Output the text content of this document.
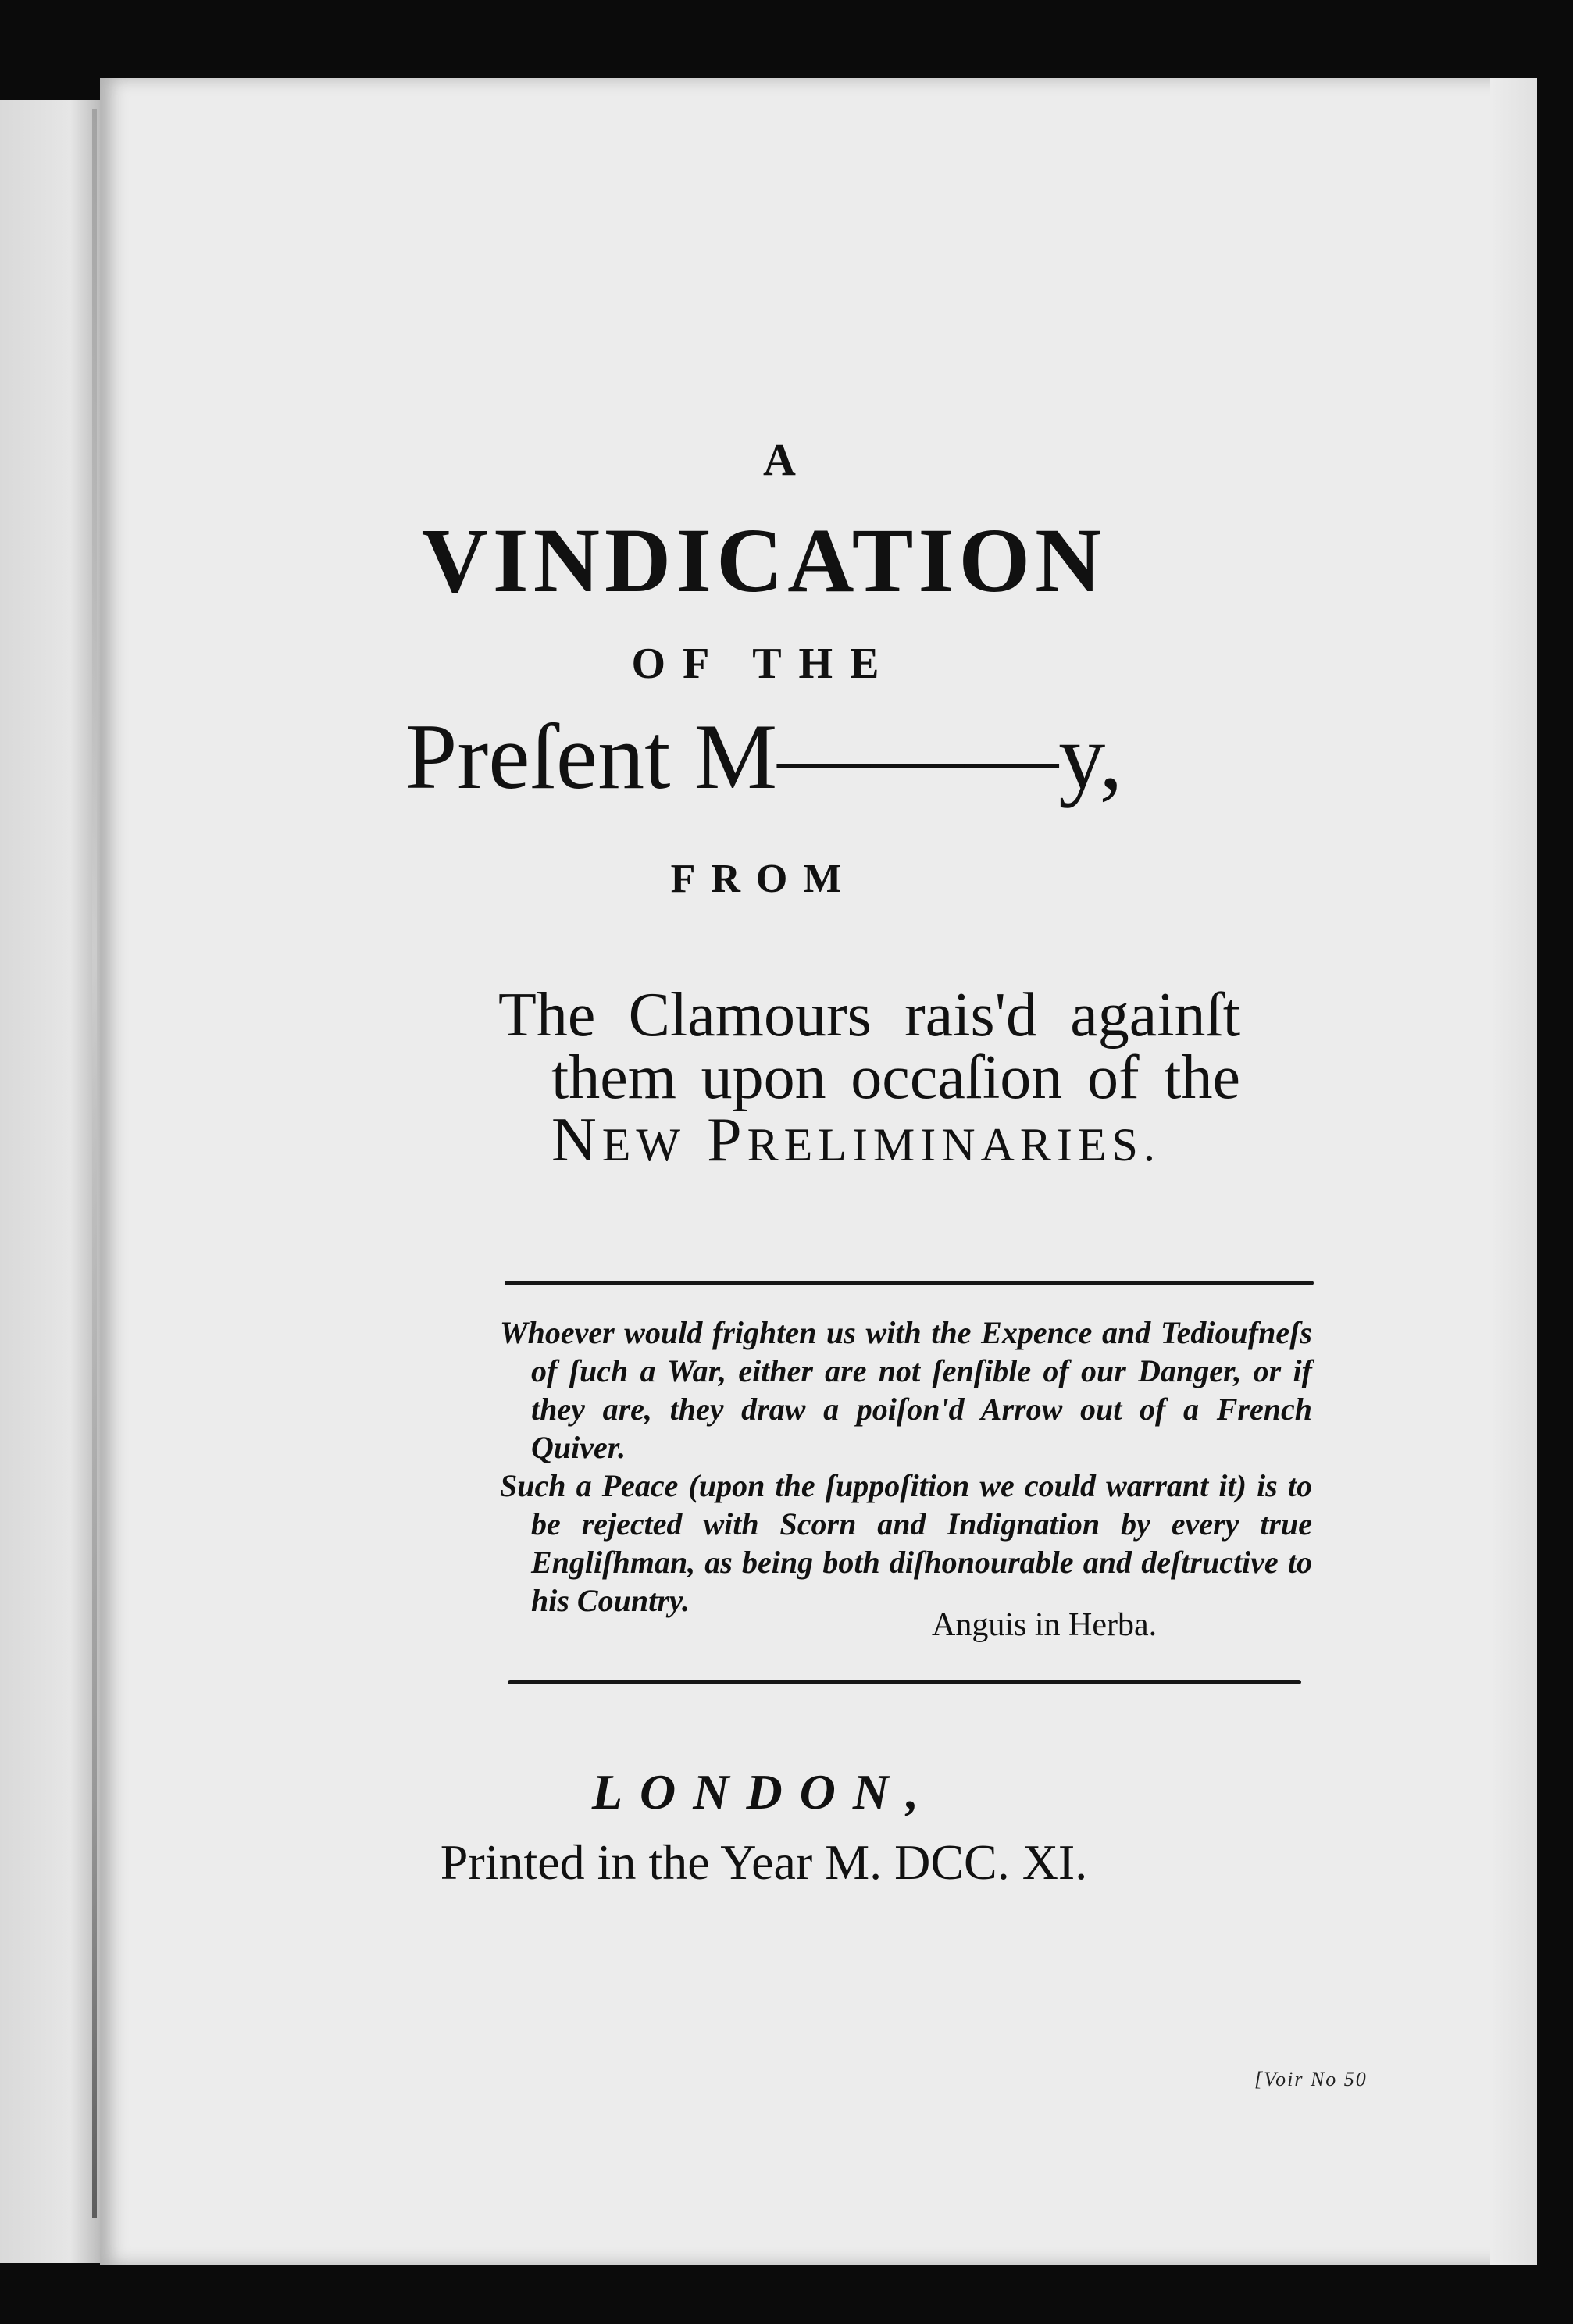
A
VINDICATION
OF THE
Preſent M———y,
FROM
The Clamours rais'd againſt
them upon occaſion of the
NEW PRELIMINARIES.

Whoever would frighten us with the Expence and Tedioufneſs of ſuch a War, either are not ſenſible of our Danger, or if they are, they draw a poiſon'd Arrow out of a French Quiver.

Such a Peace (upon the ſuppoſition we could warrant it) is to be rejected with Scorn and Indignation by every true Engliſhman, as being both diſhonourable and deſtructive to his Country.

Anguis in Herba.
LONDON,
Printed in the Year M. DCC. XI.
[Voir No 50
